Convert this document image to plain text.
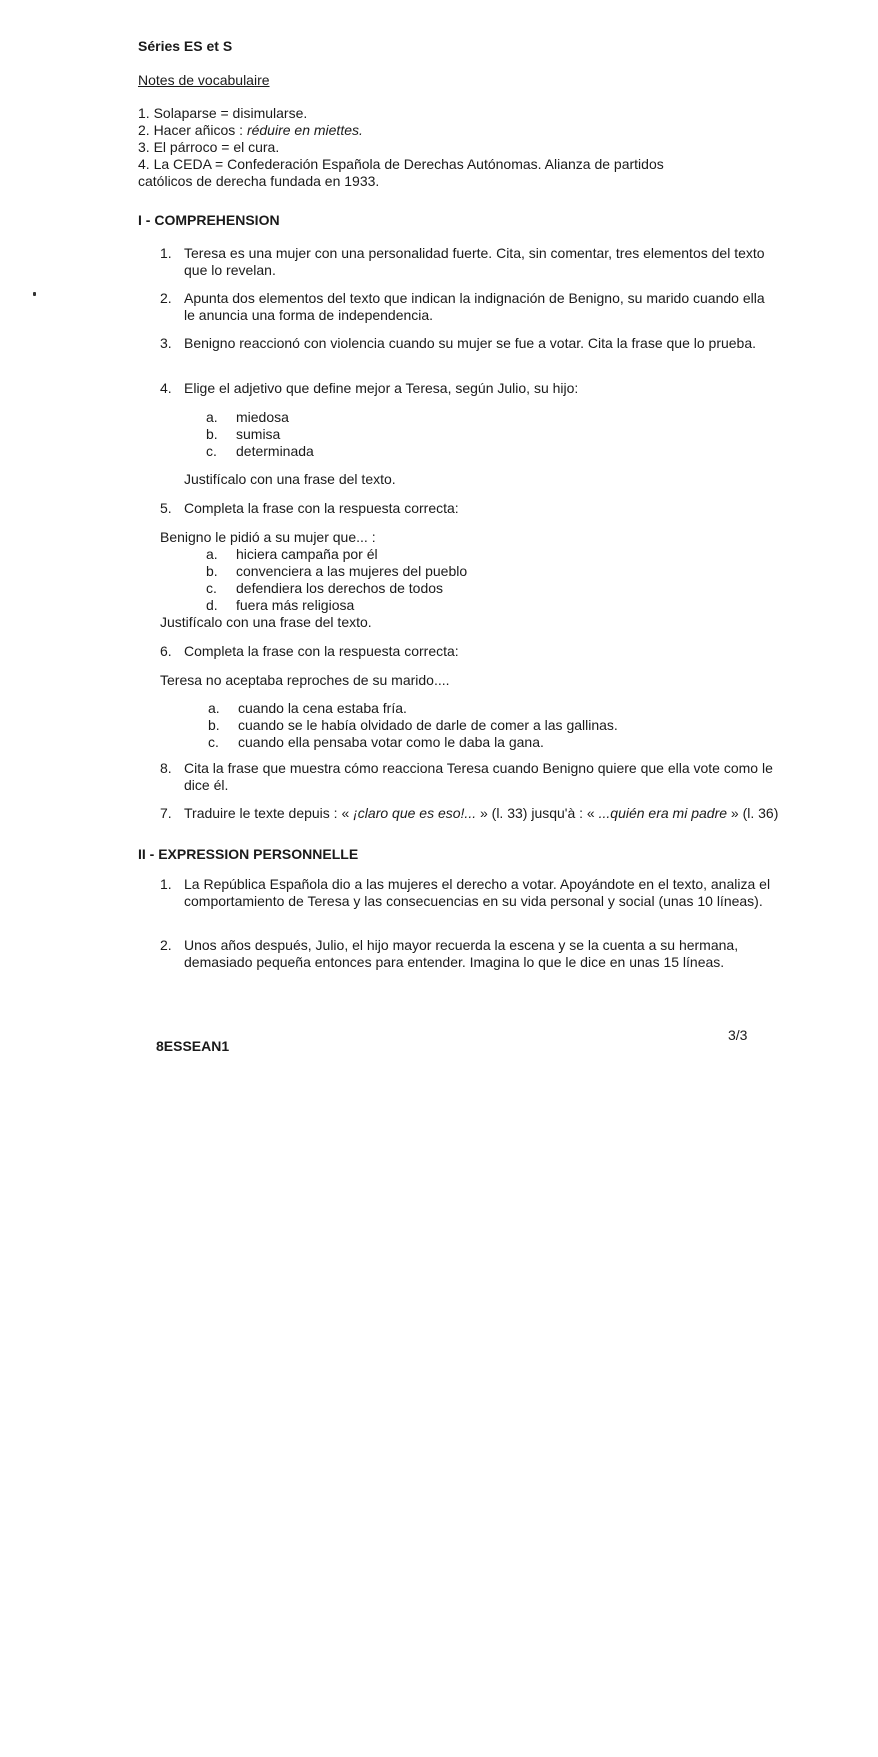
Séries ES et S
Notes de vocabulaire
1. Solaparse = disimularse.
2. Hacer añicos : réduire en miettes.
3. El párroco = el cura.
4. La CEDA = Confederación Española de Derechas Autónomas. Alianza de partidos
católicos de derecha fundada en 1933.
I - COMPREHENSION
1. Teresa es una mujer con una personalidad fuerte. Cita, sin comentar, tres elementos del texto que lo revelan.
2. Apunta dos elementos del texto que indican la indignación de Benigno, su marido cuando ella le anuncia una forma de independencia.
3. Benigno reaccionó con violencia cuando su mujer se fue a votar. Cita la frase que lo prueba.
4. Elige el adjetivo que define mejor a Teresa, según Julio, su hijo:
a.	miedosa
b.	sumisa
c.	determinada
Justifícalo con una frase del texto.
5. Completa la frase con la respuesta correcta:
Benigno le pidió a su mujer que... :
a.	hiciera campaña por él
b.	convenciera a las mujeres del pueblo
c.	defendiera los derechos de todos
d.	fuera más religiosa
Justifícalo con una frase del texto.
6. Completa la frase con la respuesta correcta:
Teresa no aceptaba reproches de su marido....
a.	cuando la cena estaba fría.
b.	cuando se le había olvidado de darle de comer a las gallinas.
c.	cuando ella pensaba votar como le daba la gana.
8. Cita la frase que muestra cómo reacciona Teresa cuando Benigno quiere que ella vote como le dice él.
7. Traduire le texte depuis : « ¡claro que es eso!... » (l. 33) jusqu'à : « ...quién era mi padre » (l. 36)
II - EXPRESSION PERSONNELLE
1. La República Española dio a las mujeres el derecho a votar. Apoyándote en el texto, analiza el comportamiento de Teresa y las consecuencias en su vida personal y social (unas 10 líneas).
2. Unos años después, Julio, el hijo mayor recuerda la escena y se la cuenta a su hermana, demasiado pequeña entonces para entender. Imagina lo que le dice en unas 15 líneas.
8ESSEAN1
3/3
